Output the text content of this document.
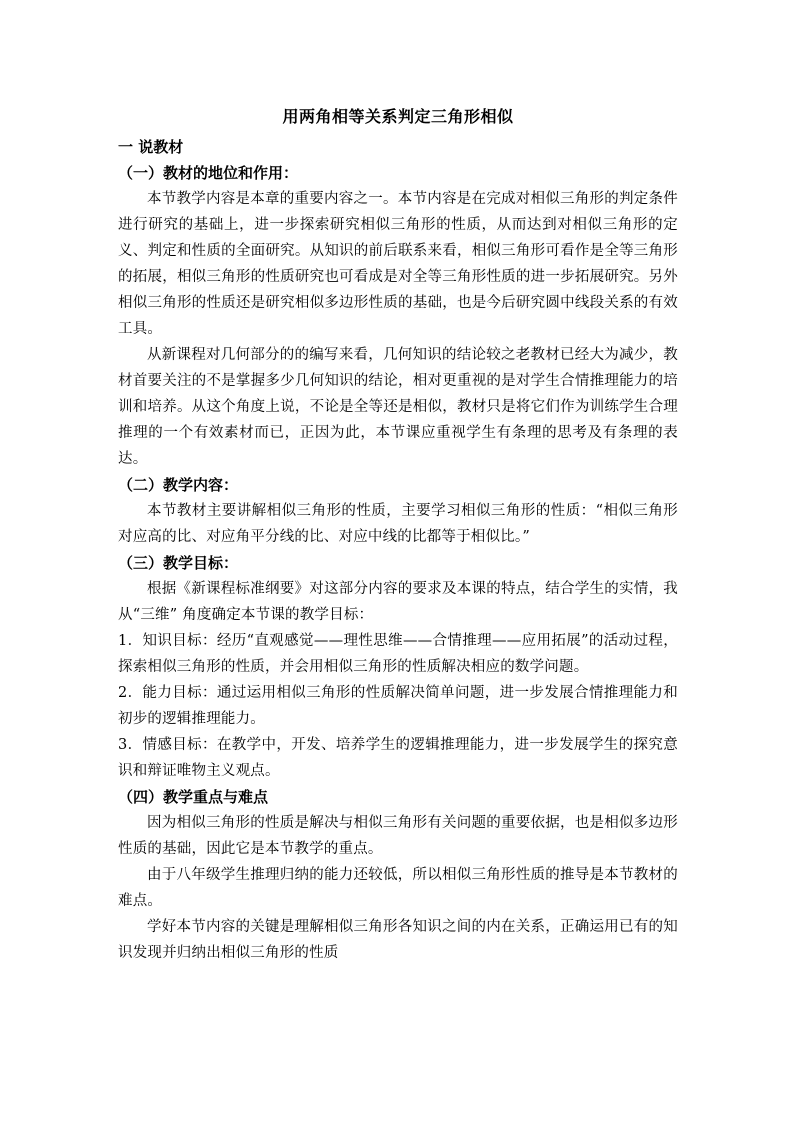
用两角相等关系判定三角形相似
一 说教材
（一）教材的地位和作用：
本节教学内容是本章的重要内容之一。本节内容是在完成对相似三角形的判定条件进行研究的基础上，进一步探索研究相似三角形的性质，从而达到对相似三角形的定义、判定和性质的全面研究。从知识的前后联系来看，相似三角形可看作是全等三角形的拓展，相似三角形的性质研究也可看成是对全等三角形性质的进一步拓展研究。另外相似三角形的性质还是研究相似多边形性质的基础，也是今后研究圆中线段关系的有效工具。
从新课程对几何部分的的编写来看，几何知识的结论较之老教材已经大为减少，教材首要关注的不是掌握多少几何知识的结论，相对更重视的是对学生合情推理能力的培训和培养。从这个角度上说，不论是全等还是相似，教材只是将它们作为训练学生合理推理的一个有效素材而已，正因为此，本节课应重视学生有条理的思考及有条理的表达。
（二）教学内容：
本节教材主要讲解相似三角形的性质，主要学习相似三角形的性质：“相似三角形对应高的比、对应角平分线的比、对应中线的比都等于相似比。”
（三）教学目标：
根据《新课程标准纲要》对这部分内容的要求及本课的特点，结合学生的实情，我从“三维” 角度确定本节课的教学目标：
1．知识目标：经历“直观感觉——理性思维——合情推理——应用拓展”的活动过程，探索相似三角形的性质，并会用相似三角形的性质解决相应的数学问题。
2．能力目标：通过运用相似三角形的性质解决简单问题，进一步发展合情推理能力和初步的逻辑推理能力。
3．情感目标：在教学中，开发、培养学生的逻辑推理能力，进一步发展学生的探究意识和辩证唯物主义观点。
（四）教学重点与难点
因为相似三角形的性质是解决与相似三角形有关问题的重要依据，也是相似多边形性质的基础，因此它是本节教学的重点。
由于八年级学生推理归纳的能力还较低，所以相似三角形性质的推导是本节教材的难点。
学好本节内容的关键是理解相似三角形各知识之间的内在关系，正确运用已有的知识发现并归纳出相似三角形的性质
